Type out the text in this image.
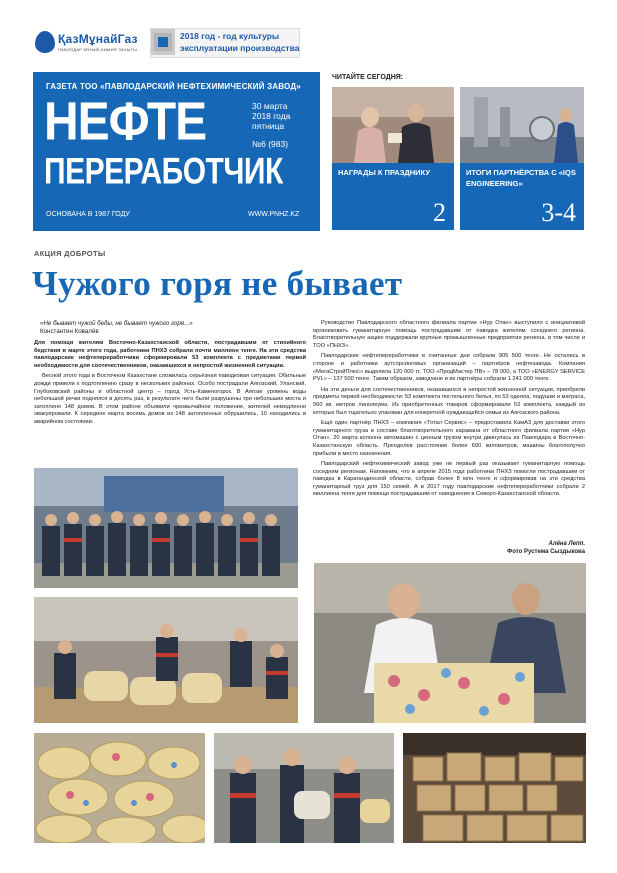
ҚазМұнайГаз
ПАВЛОДАР МҰНАЙ-ХИМИЯ ЗАУЫТЫ
2018 год - год культуры
эксплуатации производства
ГАЗЕТА ТОО «ПАВЛОДАРСКИЙ НЕФТЕХИМИЧЕСКИЙ ЗАВОД»
НЕФТЕ
ПЕРЕРАБОТЧИК
30 марта
2018 года
пятница
№6 (983)
ОСНОВАНА В 1987 ГОДУ	WWW.PNHZ.KZ
ЧИТАЙТЕ СЕГОДНЯ:
НАГРАДЫ К ПРАЗДНИКУ
2
ИТОГИ ПАРТНЁРСТВА С «IQS ENGINEERING»
3-4
АКЦИЯ ДОБРОТЫ
Чужого горя не бывает
«Не бывает чужой беды, не бывает чужого горя...»
Константин Ковалёв

Для помощи жителям Восточно-Казахстанской области, пострадавшим от стихийного бедствия в марте этого года, работники ПНХЗ собрали почти миллион тенге. На эти средства павлодарские нефтепереработчики сформировали 53 комплекта с предметами первой необходимости для соотечественников, оказавшихся в непростой жизненной ситуации.

Весной этого года в Восточном Казахстане сложилась серьёзная паводковая ситуация. Обильные дожди привели к подтоплению сразу в нескольких районах. Особо пострадали Аягозский, Уланский, Глубоковский районы и областной центр – город Усть-Каменогорск. В Аягозе уровень воды небольшой речки поднялся в десять раз, в результате чего были разрушены три небольших моста и затоплено 148 домов. В этом районе объявили чрезвычайное положение, жителей немедленно эвакуировали. К середине марта восемь домов из 148 затопленных обрушились, 10 находились в аварийном состоянии.

Руководство Павлодарского областного филиала партии «Нур Отан» выступило с инициативой организовать гуманитарную помощь пострадавшим от паводка жителям соседнего региона. Благотворительную акцию поддержали крупные промышленные предприятия региона, в том числе и ТОО «ПНХЗ».

Павлодарские нефтепереработчики в считанные дни собрали 905 500 тенге. Не остались в стороне и работники аутсорсинговых организаций – партнёров нефтезавода. Компания «МегаСтройПлюс» выделила 120 000 тг, ТОО «ПродМастер ПВ» – 78 000, а ТОО «ENERGY SERVICE PVL» – 137 500 тенге. Таким образом, заводчане и их партнёры собрали 1 241 000 тенге.

На эти деньги для соотечественников, оказавшихся в непростой жизненной ситуации, приобрели предметы первой необходимости: 53 комплекта постельного белья, по 53 одеяла, подушки и матраса, 560 кв. метров линолеума. Из приобретенных товаров сформировали 53 комплекта, каждый из которых был тщательно упакован для конкретной нуждающейся семьи из Аягозского района.

Ещё один партнёр ПНХЗ – компания «Тотал Сервис» – предоставила КамАЗ для доставки этого гуманитарного груза в составе благотворительного каравана от областного филиала партии «Нур Отан». 20 марта колонна автомашин с ценным грузом внутри двинулась из Павлодара в Восточно-Казахстанскую область. Преодолев расстояние более 600 километров, машины благополучно прибыли в место назначения.

Павлодарский нефтехимический завод уже не первый раз оказывает гуманитарную помощь соседним регионам. Напомним, что в апреле 2015 года работники ПНХЗ помогли пострадавшим от паводка в Карагандинской области, собрав более 8 млн тенге и сформировав на эти средства гуманитарный груз для 150 семей. А в 2017 году павлодарские нефтепереработчики собрали 2 миллиона тенге для помощи пострадавшим от наводнения в Северо-Казахстанской области.

Алёна Лепп.
Фото Рустема Сыздыкова
